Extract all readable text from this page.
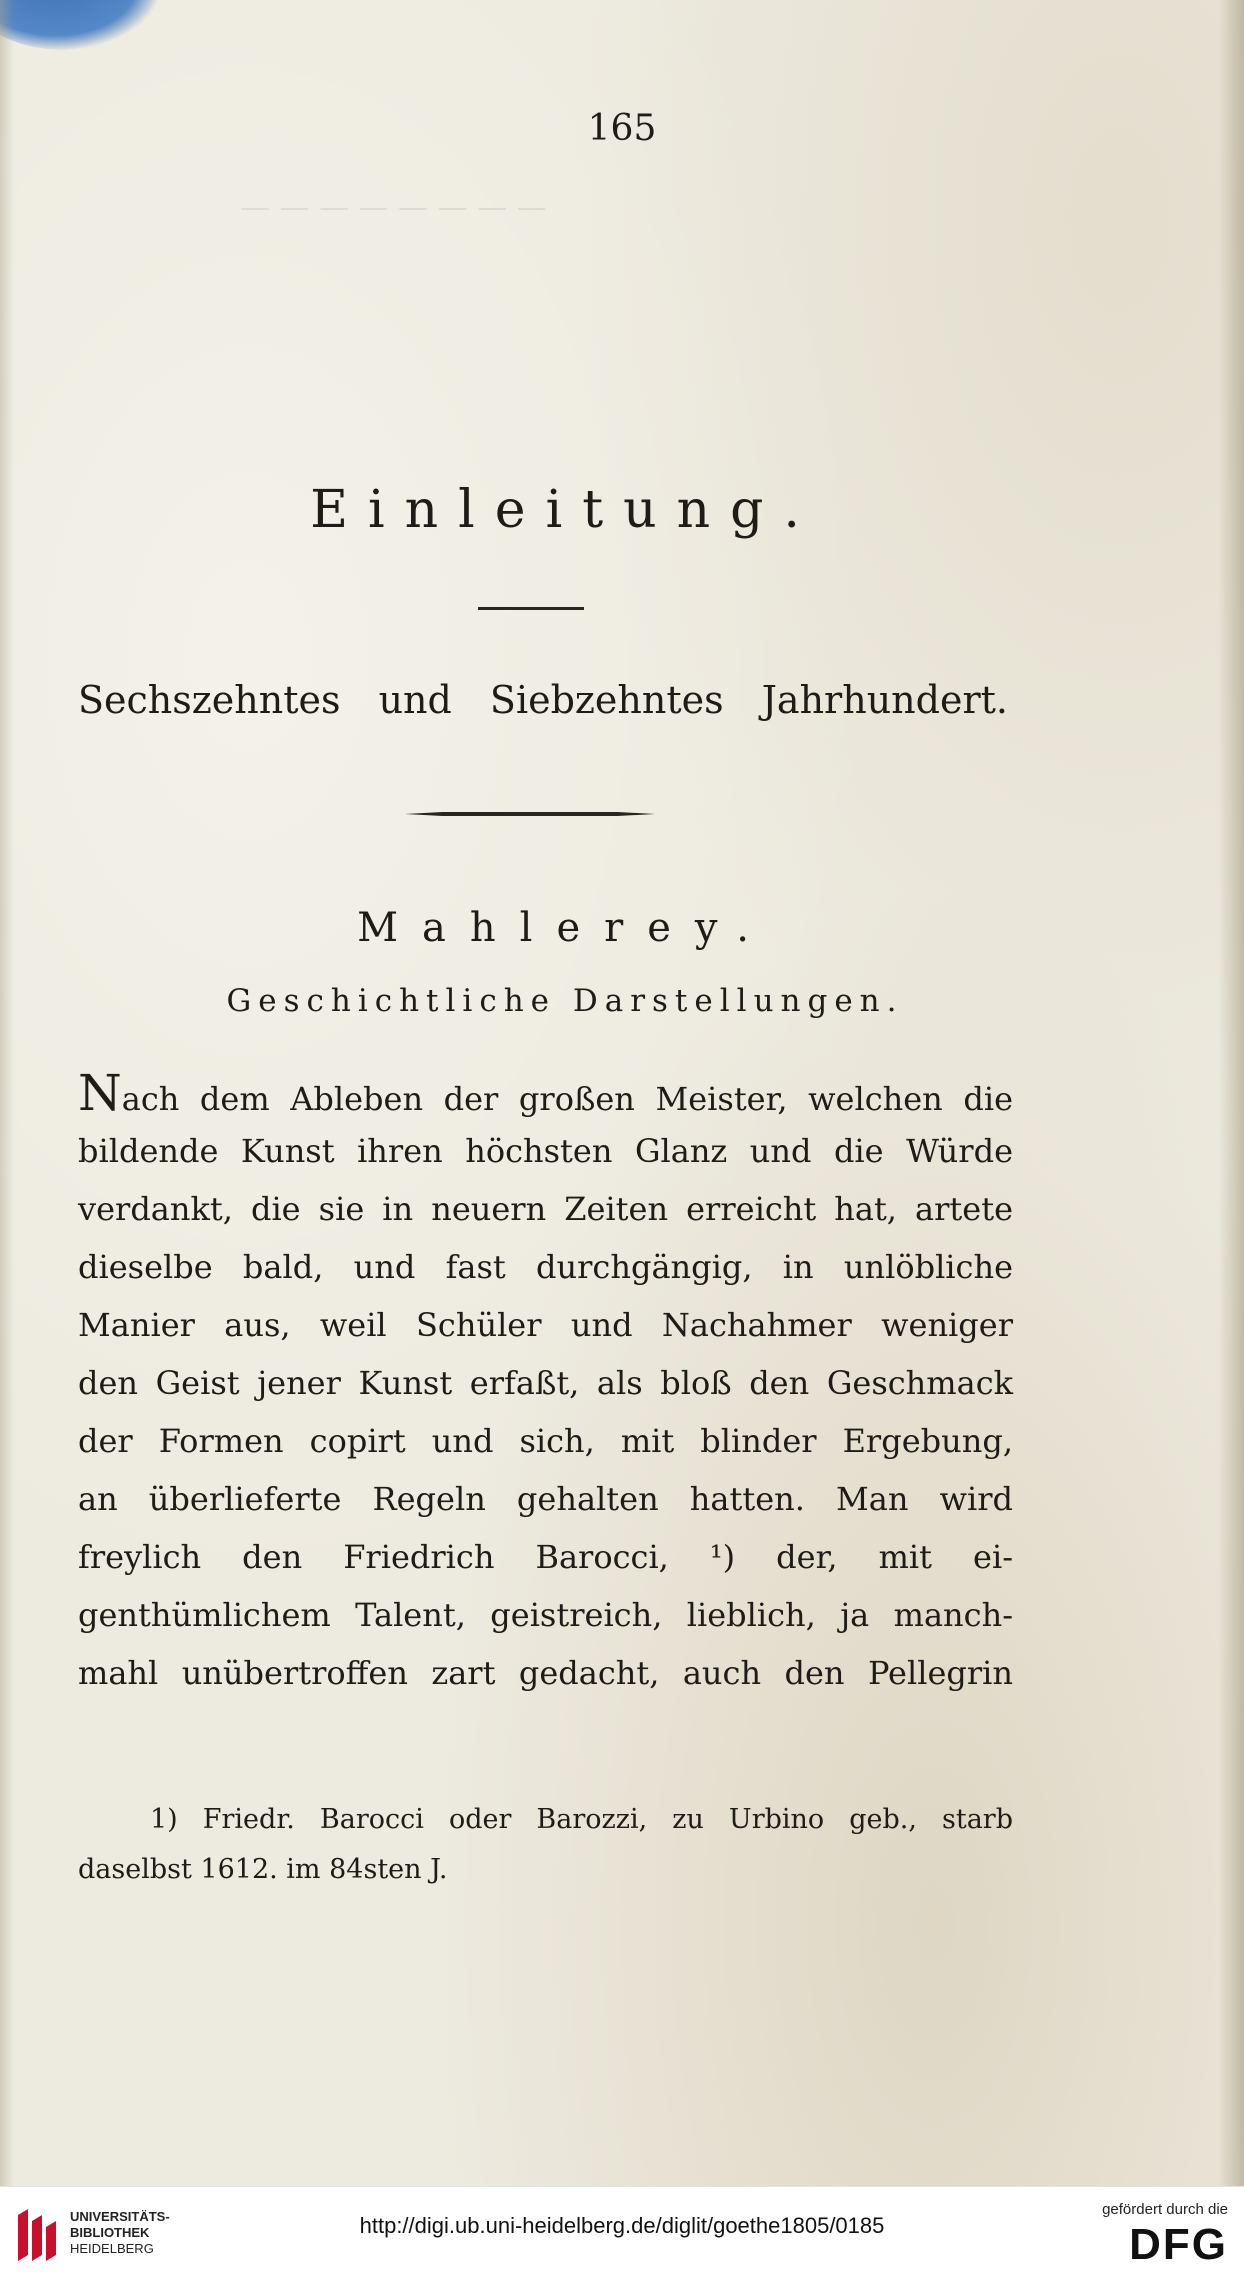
— — — — — — — —
165
Einleitung.
Sechszehntes und Siebzehntes Jahrhundert.
Mahlerey.
Geschichtliche Darstellungen.
Nach dem Ableben der großen Meister, welchen die
bildende Kunst ihren höchsten Glanz und die Würde
verdankt, die sie in neuern Zeiten erreicht hat, artete
dieselbe bald, und fast durchgängig, in unlöbliche
Manier aus, weil Schüler und Nachahmer weniger
den Geist jener Kunst erfaßt, als bloß den Geschmack
der Formen copirt und sich, mit blinder Ergebung,
an überlieferte Regeln gehalten hatten. Man wird
freylich den Friedrich Barocci, ¹) der, mit ei-
genthümlichem Talent, geistreich, lieblich, ja manch-
mahl unübertroffen zart gedacht, auch den Pellegrin
1) Friedr. Barocci oder Barozzi, zu Urbino geb., starb
daselbst 1612. im 84sten J.
UNIVERSITÄTS-
BIBLIOTHEK
HEIDELBERG
http://digi.ub.uni-heidelberg.de/diglit/goethe1805/0185
gefördert durch die
DFG
